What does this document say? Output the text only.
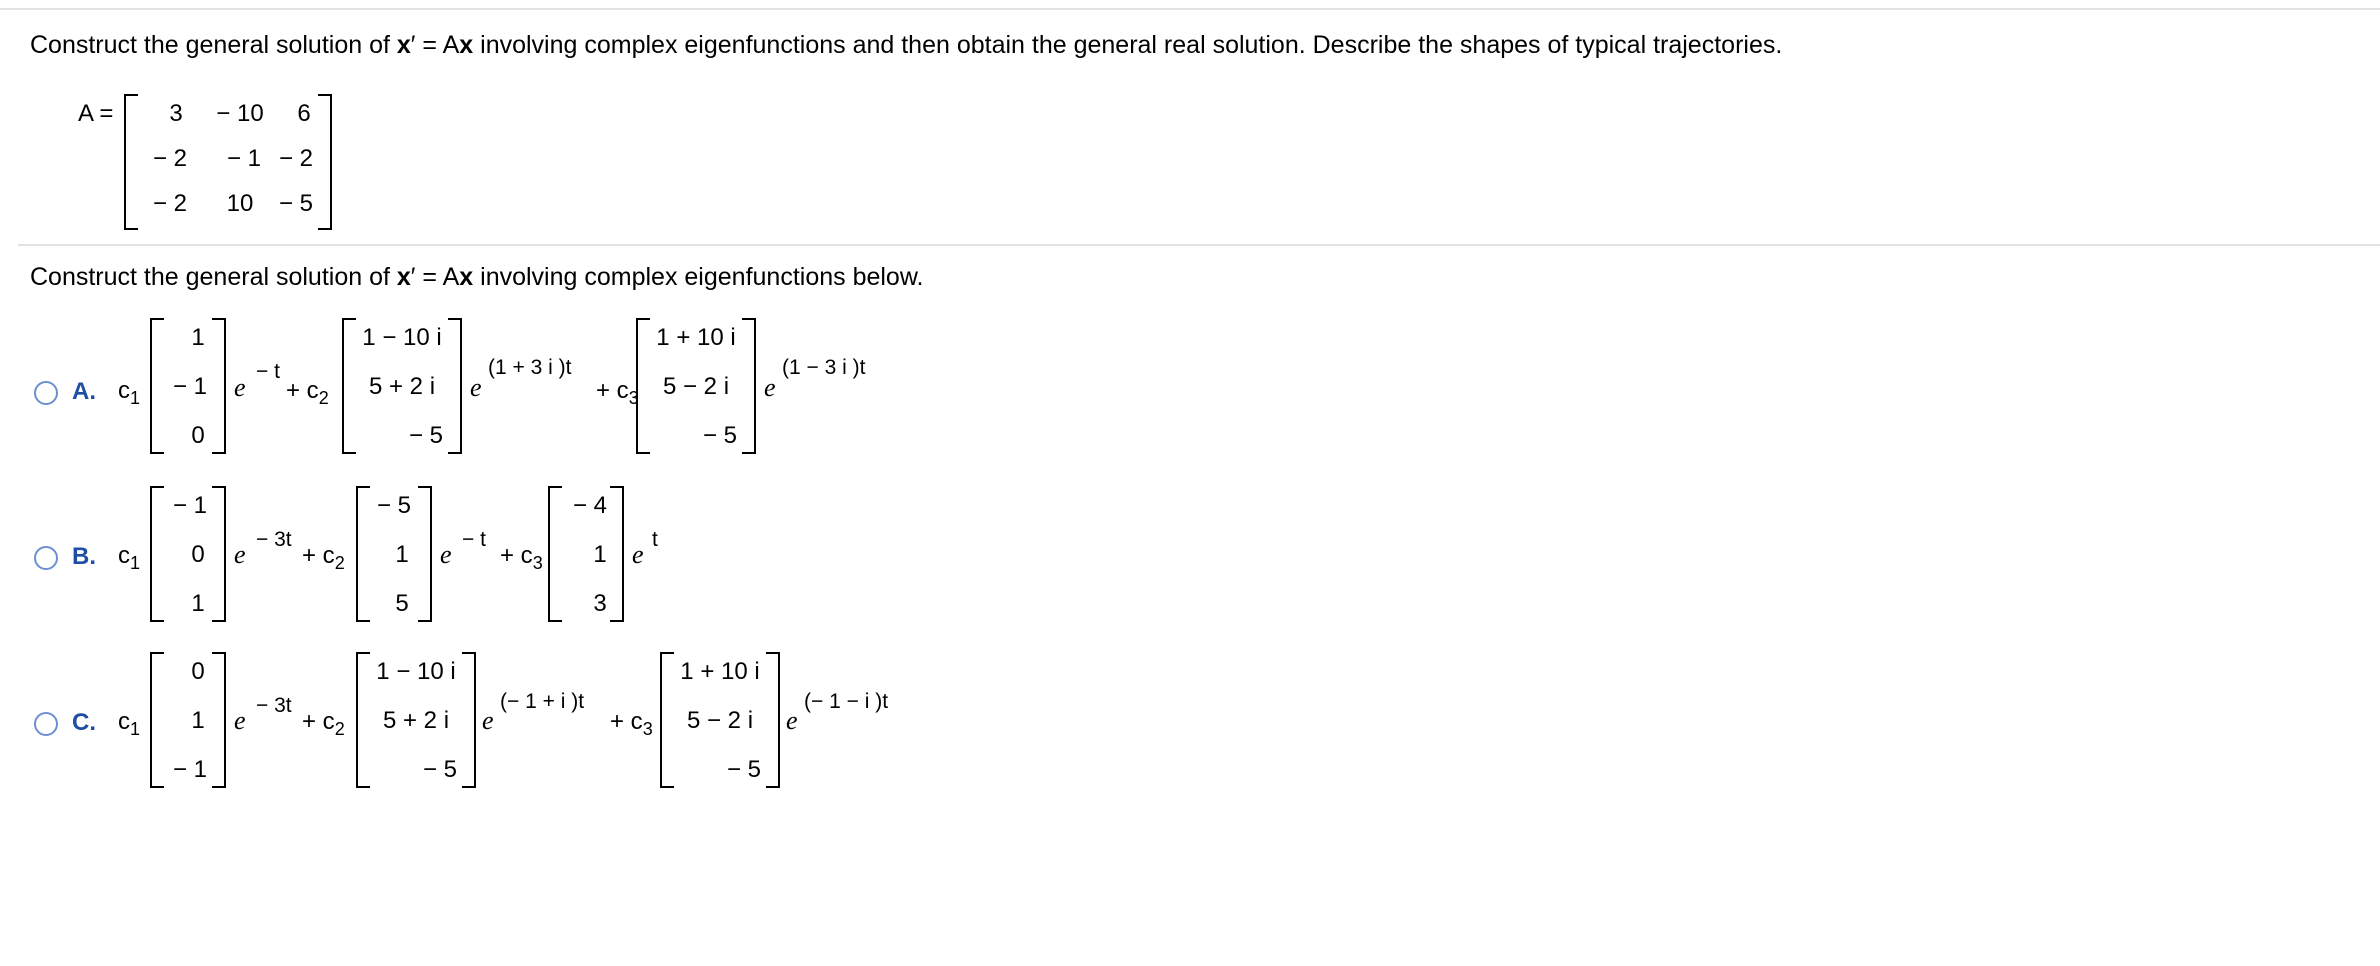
Construct the general solution of x′ = Ax involving complex eigenfunctions and then obtain the general real solution. Describe the shapes of typical trajectories.
A = 3 − 10 6
− 2 − 1 − 2
− 2 10 − 5
Construct the general solution of x′ = Ax involving complex eigenfunctions below.
A. $c_1$
1
− 1
0
e
− t
+ $c_2$
1 − 10 i
5 + 2 i
− 5
e
(1 + 3 i )t
+ $c_3$
1 + 10 i
5 − 2 i
− 5
e
(1 − 3 i )t
B. $c_1$
− 1
0
1
e
− 3t
+ $c_2$
− 5
1
5
e
− t
+ $c_3$
− 4
1
3
e
t
C. $c_1$
0
1
− 1
e
− 3t
+ $c_2$
1 − 10 i
5 + 2 i
− 5
e
(− 1 + i )t
+ $c_3$
1 + 10 i
5 − 2 i
− 5
e
(− 1 − i )t
